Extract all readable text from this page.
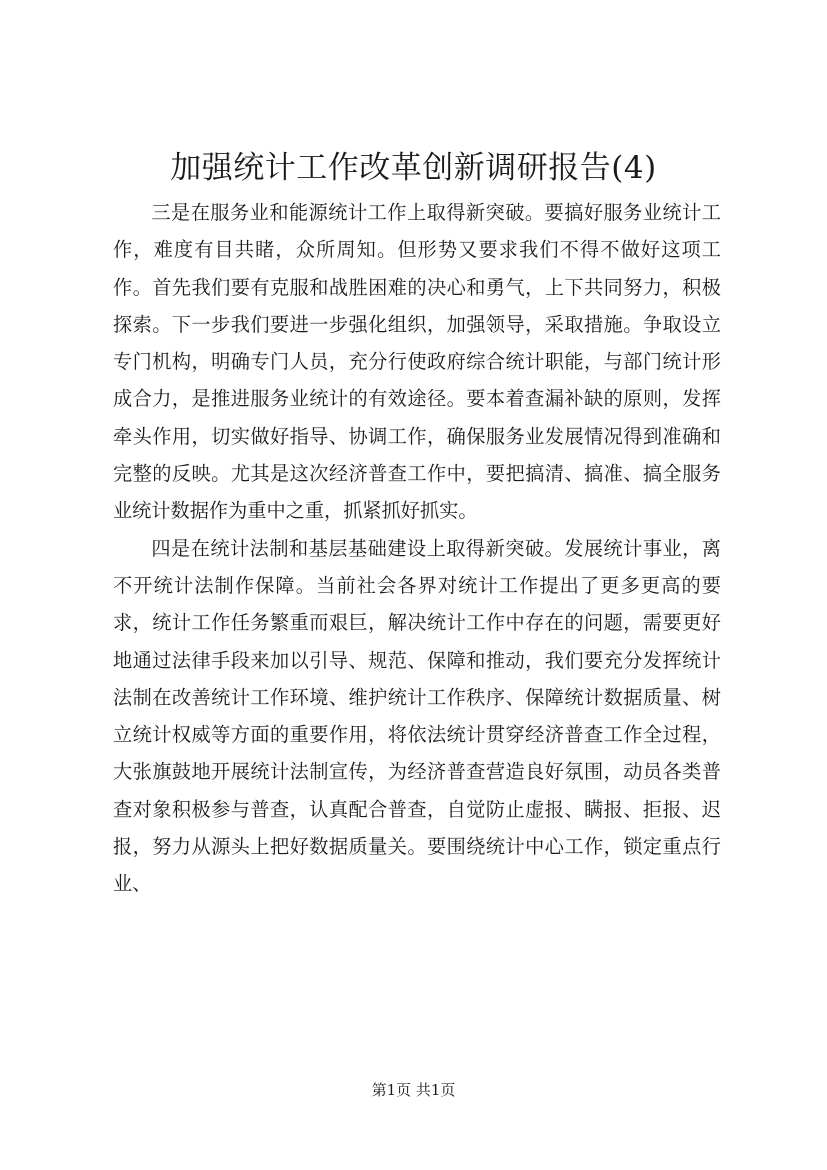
加强统计工作改革创新调研报告(4)

三是在服务业和能源统计工作上取得新突破。要搞好服务业统计工作，难度有目共睹，众所周知。但形势又要求我们不得不做好这项工作。首先我们要有克服和战胜困难的决心和勇气，上下共同努力，积极探索。下一步我们要进一步强化组织，加强领导，采取措施。争取设立专门机构，明确专门人员，充分行使政府综合统计职能，与部门统计形成合力，是推进服务业统计的有效途径。要本着查漏补缺的原则，发挥牵头作用，切实做好指导、协调工作，确保服务业发展情况得到准确和完整的反映。尤其是这次经济普查工作中，要把搞清、搞准、搞全服务业统计数据作为重中之重，抓紧抓好抓实。

四是在统计法制和基层基础建设上取得新突破。发展统计事业，离不开统计法制作保障。当前社会各界对统计工作提出了更多更高的要求，统计工作任务繁重而艰巨，解决统计工作中存在的问题，需要更好地通过法律手段来加以引导、规范、保障和推动，我们要充分发挥统计法制在改善统计工作环境、维护统计工作秩序、保障统计数据质量、树立统计权威等方面的重要作用，将依法统计贯穿经济普查工作全过程，大张旗鼓地开展统计法制宣传，为经济普查营造良好氛围，动员各类普查对象积极参与普查，认真配合普查，自觉防止虚报、瞒报、拒报、迟报，努力从源头上把好数据质量关。要围绕统计中心工作，锁定重点行业、

第1页 共1页
